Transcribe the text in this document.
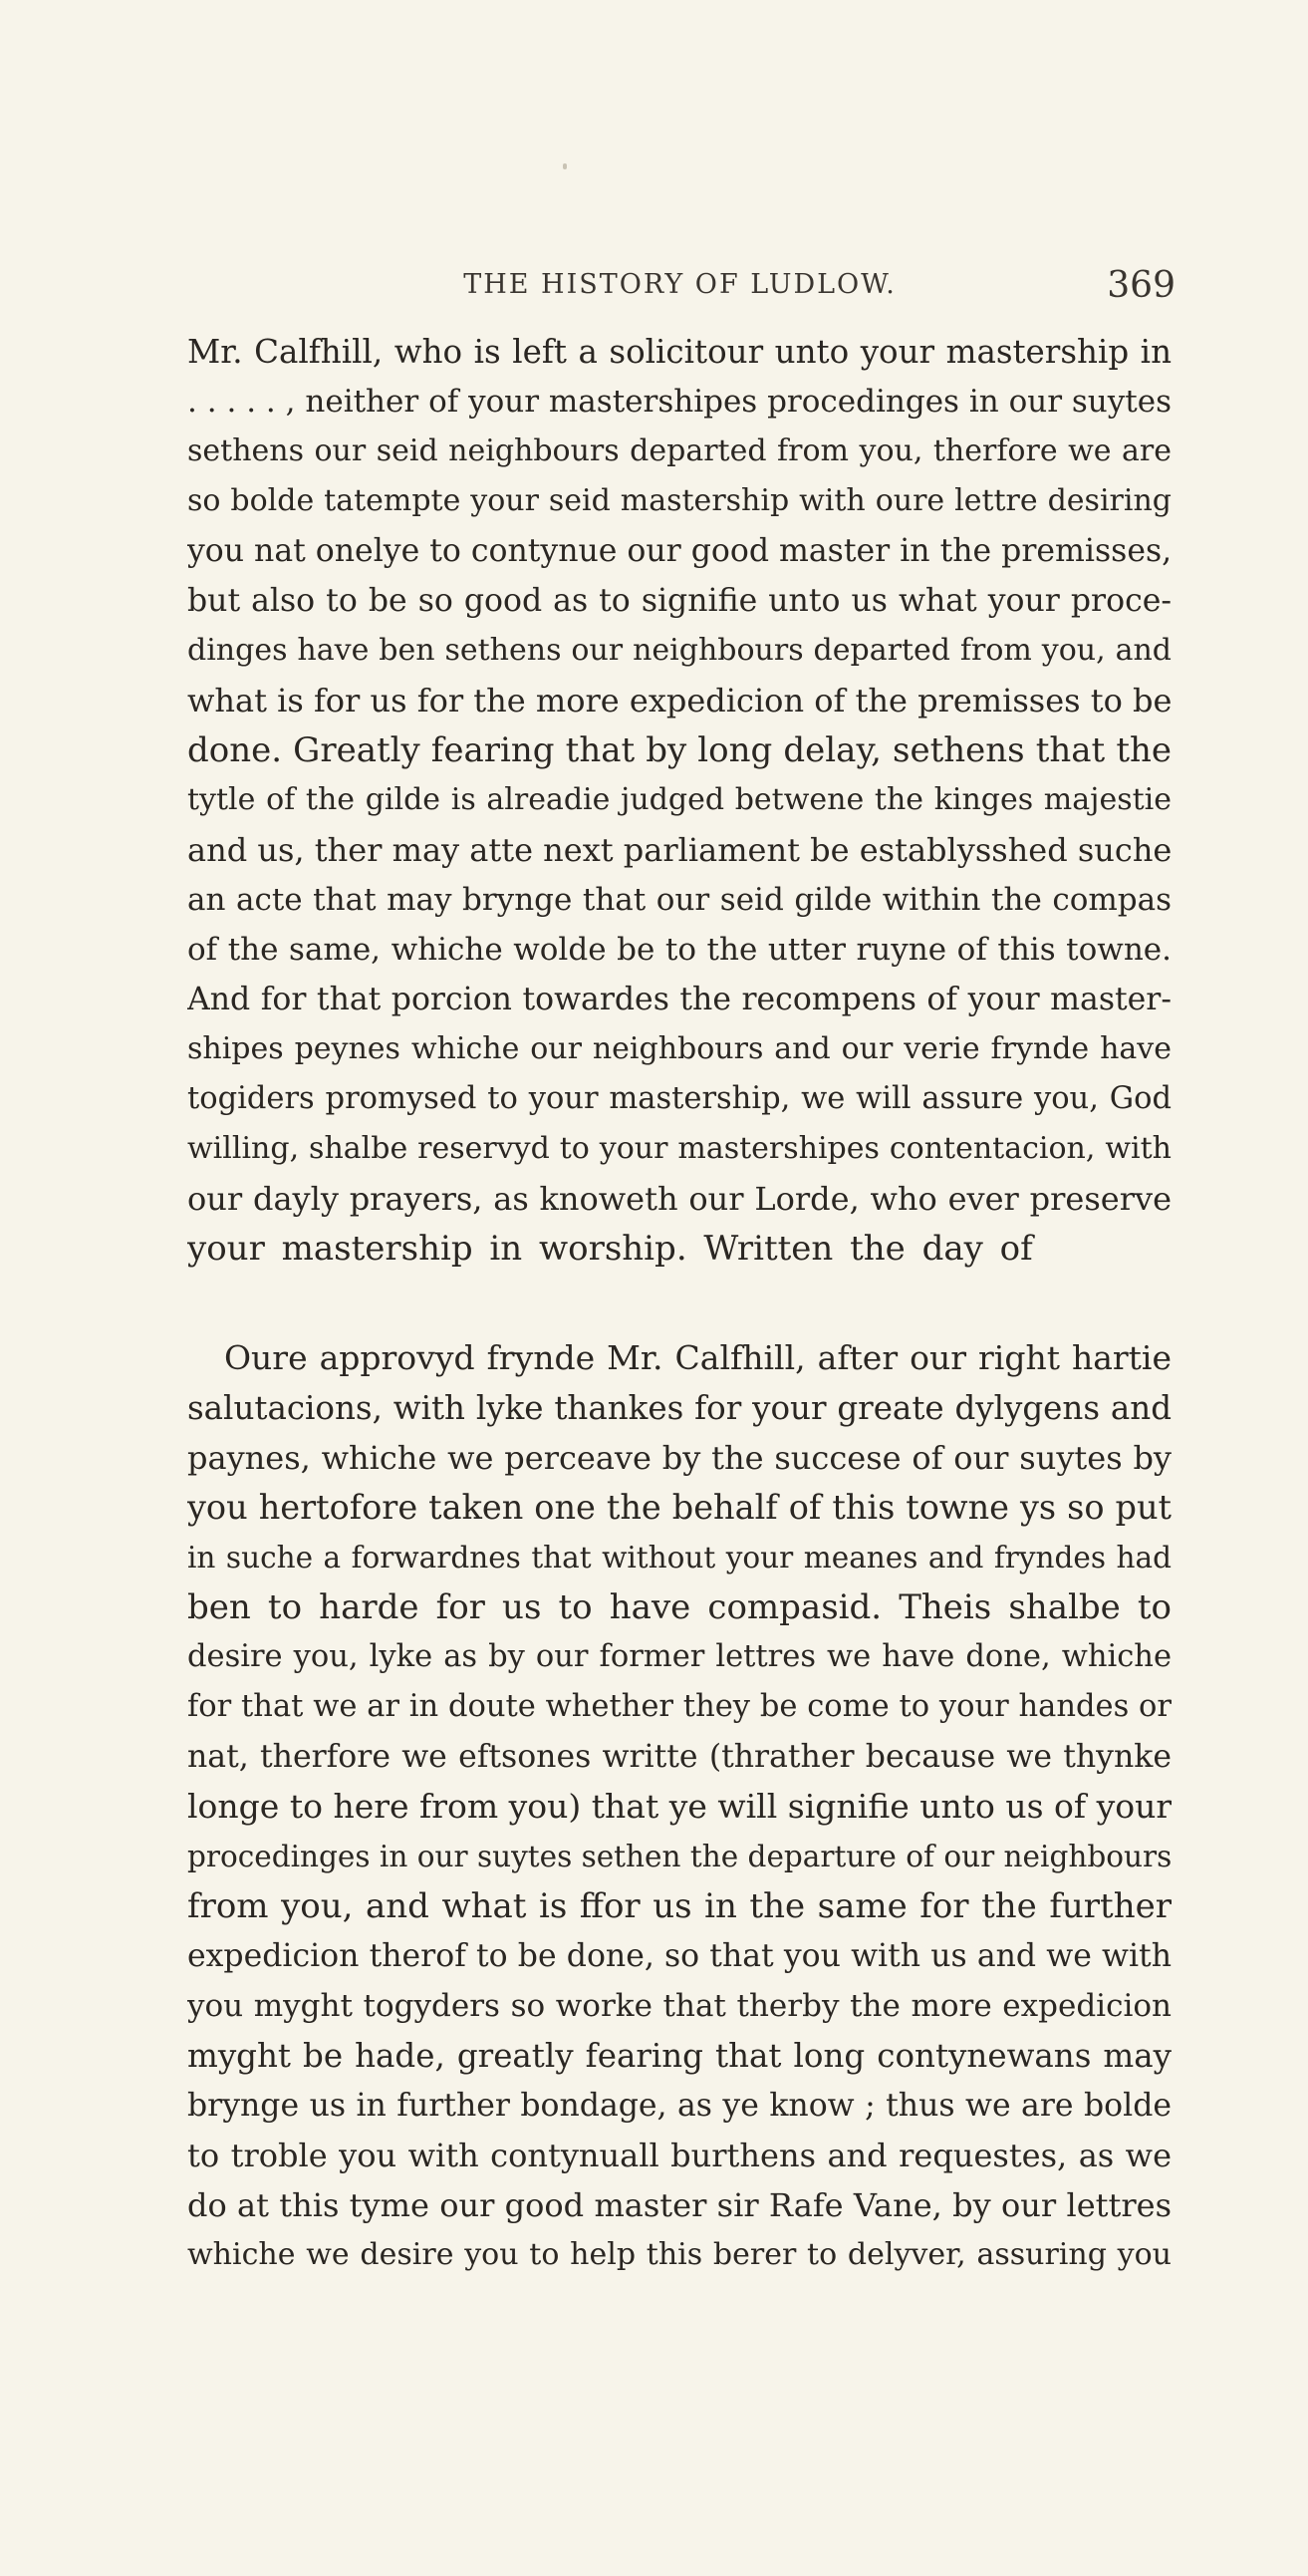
THE HISTORY OF LUDLOW.	369
Mr. Calfhill, who is left a solicitour unto your mastership in
. . . . . , neither of your mastershipes procedinges in our suytes
sethens our seid neighbours departed from you, therfore we are
so bolde tatempte your seid mastership with oure lettre desiring
you nat onelye to contynue our good master in the premisses,
but also to be so good as to signifie unto us what your proce-
dinges have ben sethens our neighbours departed from you, and
what is for us for the more expedicion of the premisses to be
done. Greatly fearing that by long delay, sethens that the
tytle of the gilde is alreadie judged betwene the kinges majestie
and us, ther may atte next parliament be establysshed suche
an acte that may brynge that our seid gilde within the compas
of the same, whiche wolde be to the utter ruyne of this towne.
And for that porcion towardes the recompens of your master-
shipes peynes whiche our neighbours and our verie frynde have
togiders promysed to your mastership, we will assure you, God
willing, shalbe reservyd to your mastershipes contentacion, with
our dayly prayers, as knoweth our Lorde, who ever preserve
your mastership in worship. Written the day of
Oure approvyd frynde Mr. Calfhill, after our right hartie
salutacions, with lyke thankes for your greate dylygens and
paynes, whiche we perceave by the succese of our suytes by
you hertofore taken one the behalf of this towne ys so put
in suche a forwardnes that without your meanes and fryndes had
ben to harde for us to have compasid. Theis shalbe to
desire you, lyke as by our former lettres we have done, whiche
for that we ar in doute whether they be come to your handes or
nat, therfore we eftsones writte (thrather because we thynke
longe to here from you) that ye will signifie unto us of your
procedinges in our suytes sethen the departure of our neighbours
from you, and what is ffor us in the same for the further
expedicion therof to be done, so that you with us and we with
you myght togyders so worke that therby the more expedicion
myght be hade, greatly fearing that long contynewans may
brynge us in further bondage, as ye know ; thus we are bolde
to troble you with contynuall burthens and requestes, as we
do at this tyme our good master sir Rafe Vane, by our lettres
whiche we desire you to help this berer to delyver, assuring you
